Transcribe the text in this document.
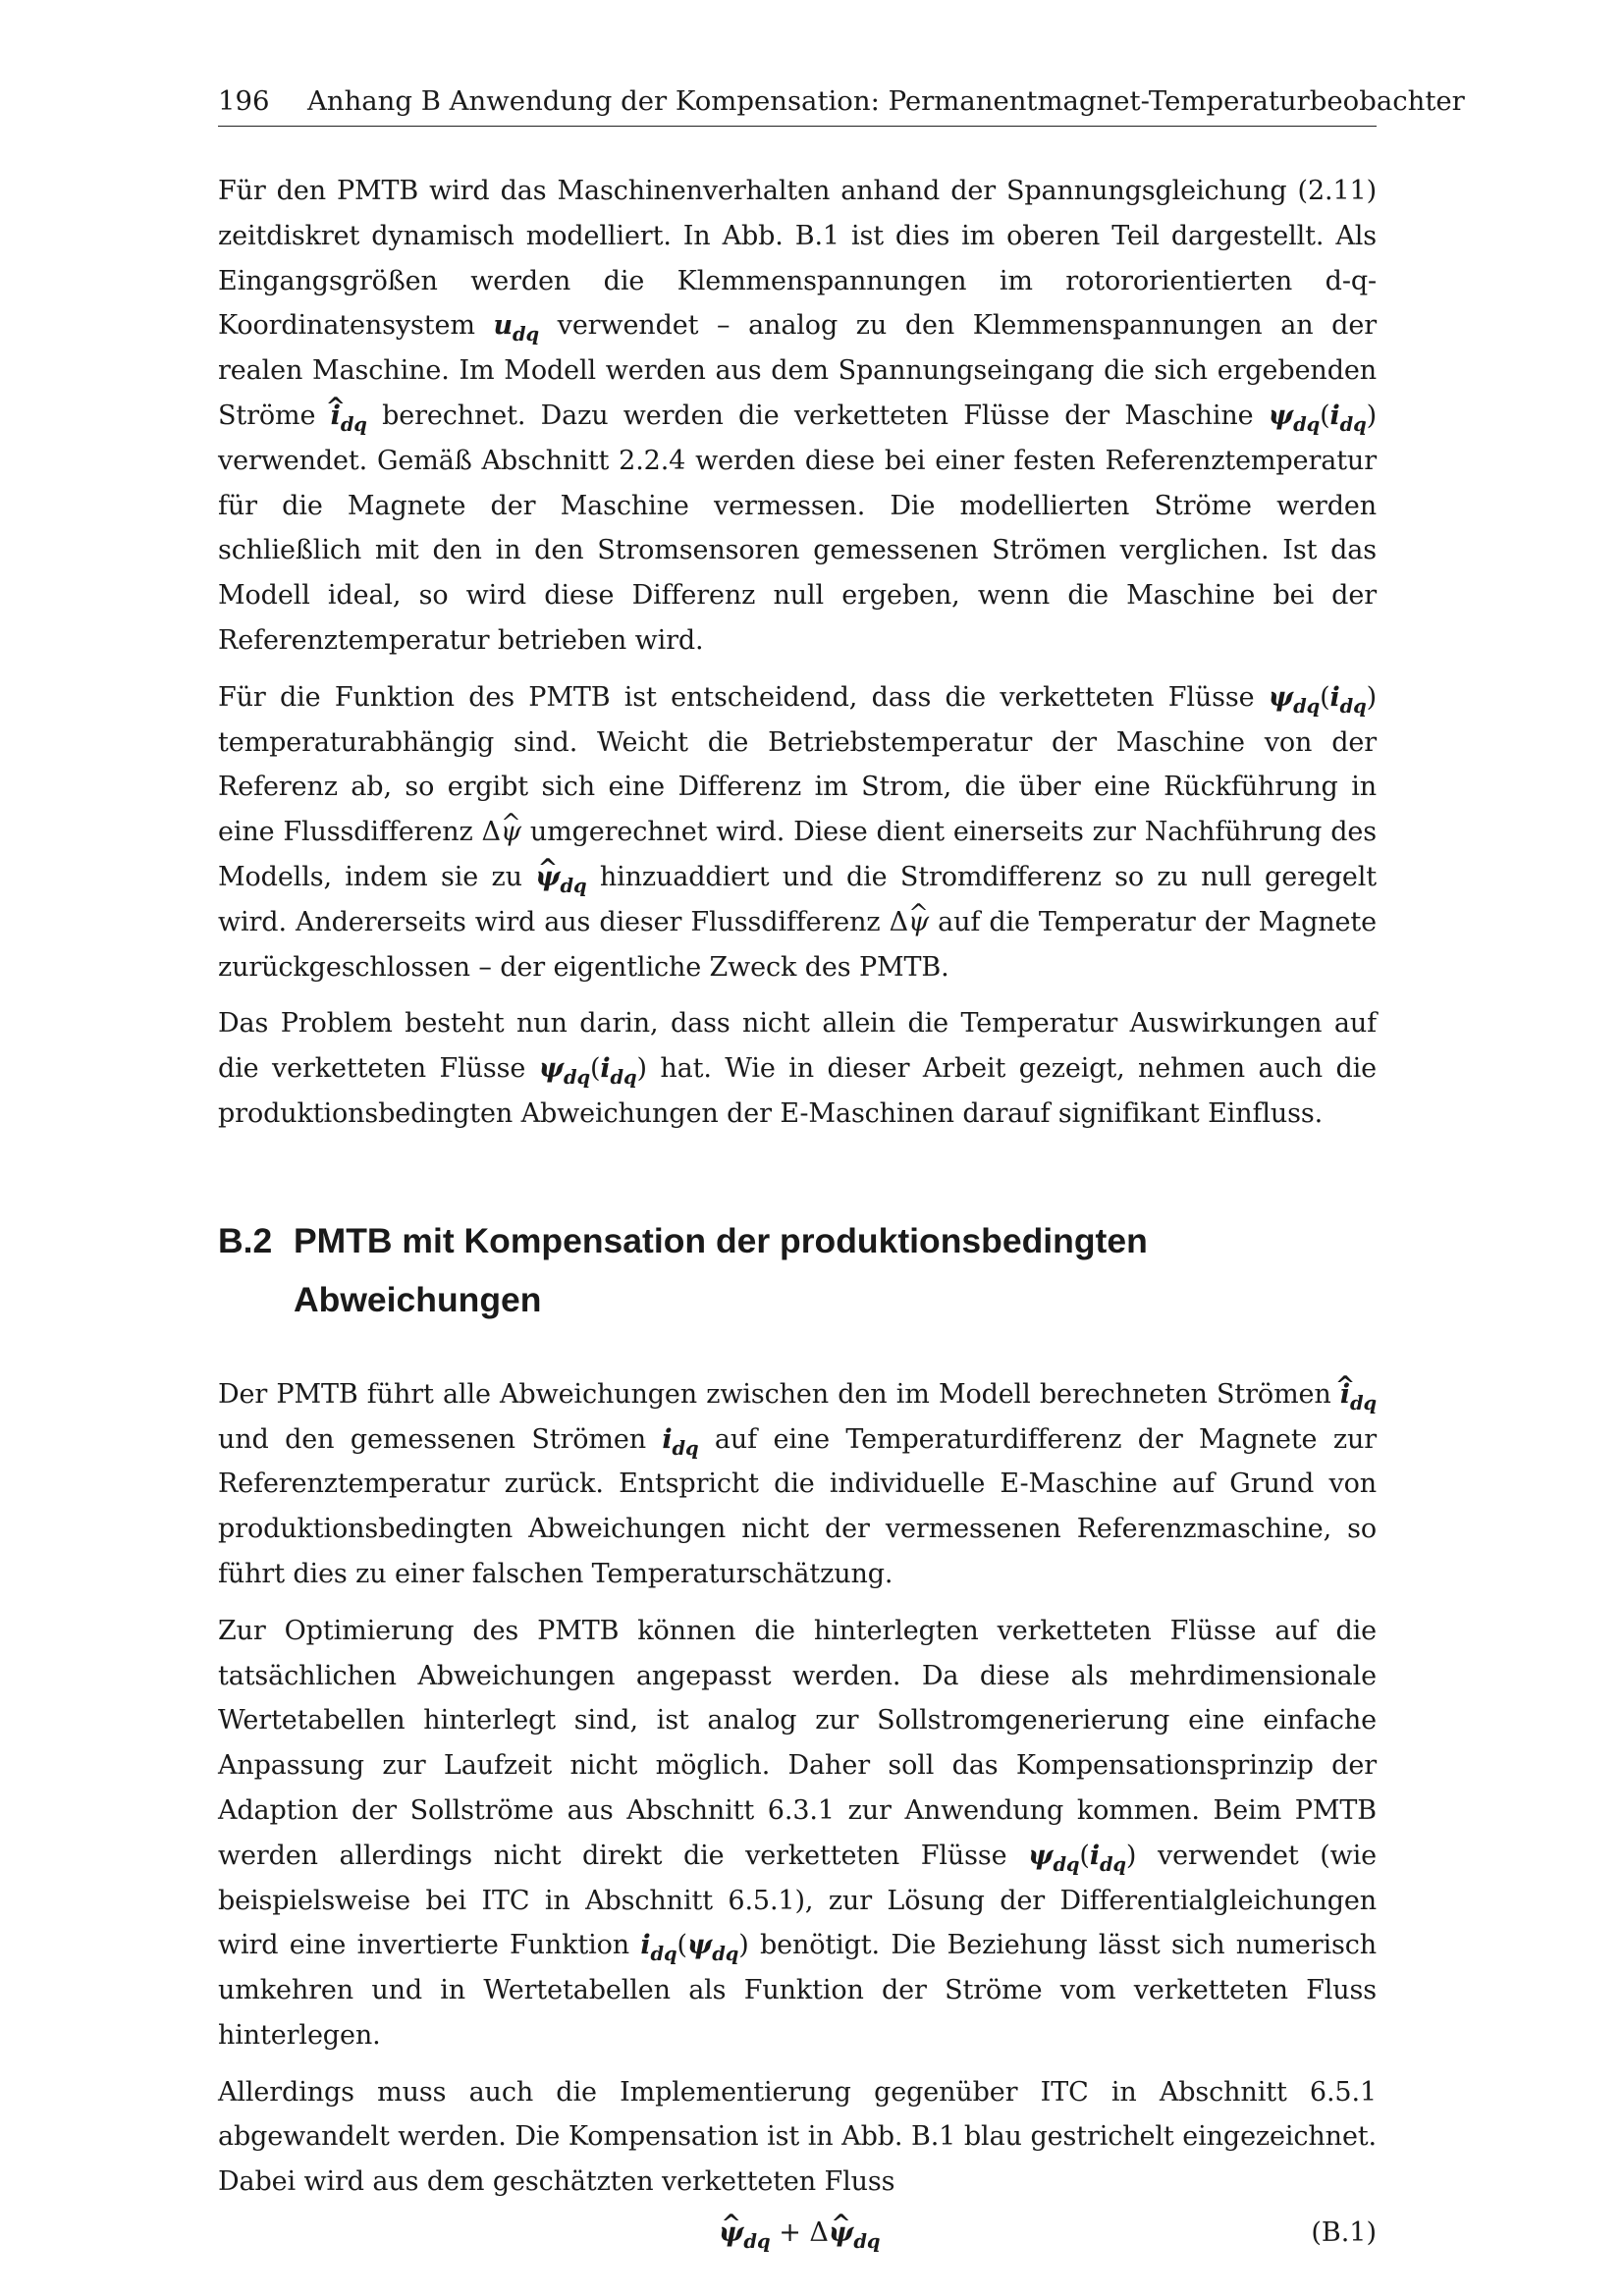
196 Anhang B Anwendung der Kompensation: Permanentmagnet-Temperaturbeobachter

Für den PMTB wird das Maschinenverhalten anhand der Spannungsgleichung (2.11) zeitdiskret dynamisch modelliert. In Abb. B.1 ist dies im oberen Teil dargestellt. Als Eingangsgrößen werden die Klemmenspannungen im rotororientierten d-q-Koordinatensystem $u_{dq}$ verwendet – analog zu den Klemmenspannungen an der realen Maschine. Im Modell werden aus dem Spannungseingang die sich ergebenden Ströme i $\^{}_{dq}$ berechnet. Dazu werden die verketteten Flüsse der Maschine $\psi_{dq}(i_{dq})$ verwendet. Gemäß Abschnitt 2.2.4 werden diese bei einer festen Referenztemperatur für die Magnete der Maschine vermessen. Die modellierten Ströme werden schließlich mit den in den Stromsensoren gemessenen Strömen verglichen. Ist das Modell ideal, so wird diese Differenz null ergeben, wenn die Maschine bei der Referenztemperatur betrieben wird.

Für die Funktion des PMTB ist entscheidend, dass die verketteten Flüsse $\psi_{dq}(i_{dq})$ temperaturabhängig sind. Weicht die Betriebstemperatur der Maschine von der Referenz ab, so ergibt sich eine Differenz im Strom, die über eine Rückführung in eine Flussdifferenz Δψ ^ umgerechnet wird. Diese dient einerseits zur Nachführung des Modells, indem sie zu ψ $\^{}_{dq}$ hinzuaddiert und die Stromdifferenz so zu null geregelt wird. Andererseits wird aus dieser Flussdifferenz Δψ ^ auf die Temperatur der Magnete zurückgeschlossen – der eigentliche Zweck des PMTB.

Das Problem besteht nun darin, dass nicht allein die Temperatur Auswirkungen auf die verketteten Flüsse $\psi_{dq}(i_{dq})$ hat. Wie in dieser Arbeit gezeigt, nehmen auch die produktionsbedingten Abweichungen der E-Maschinen darauf signifikant Einfluss.

B.2 PMTB mit Kompensation der produktionsbedingten Abweichungen

Der PMTB führt alle Abweichungen zwischen den im Modell berechneten Strömen i $\^{}_{dq}$ und den gemessenen Strömen $i_{dq}$ auf eine Temperaturdifferenz der Magnete zur Referenztemperatur zurück. Entspricht die individuelle E-Maschine auf Grund von produktionsbedingten Abweichungen nicht der vermessenen Referenzmaschine, so führt dies zu einer falschen Temperaturschätzung.

Zur Optimierung des PMTB können die hinterlegten verketteten Flüsse auf die tatsächlichen Abweichungen angepasst werden. Da diese als mehrdimensionale Wertetabellen hinterlegt sind, ist analog zur Sollstromgenerierung eine einfache Anpassung zur Laufzeit nicht möglich. Daher soll das Kompensationsprinzip der Adaption der Sollströme aus Abschnitt 6.3.1 zur Anwendung kommen. Beim PMTB werden allerdings nicht direkt die verketteten Flüsse $\psi_{dq}(i_{dq})$ verwendet (wie beispielsweise bei ITC in Abschnitt 6.5.1), zur Lösung der Differentialgleichungen wird eine invertierte Funktion $i_{dq}(\psi_{dq})$ benötigt. Die Beziehung lässt sich numerisch umkehren und in Wertetabellen als Funktion der Ströme vom verketteten Fluss hinterlegen.

Allerdings muss auch die Implementierung gegenüber ITC in Abschnitt 6.5.1 abgewandelt werden. Die Kompensation ist in Abb. B.1 blau gestrichelt eingezeichnet. Dabei wird aus dem geschätzten verketteten Fluss

ψ $\^{}_{dq} + \Delta\psi$ $\^{}_{dq}$	(B.1)
